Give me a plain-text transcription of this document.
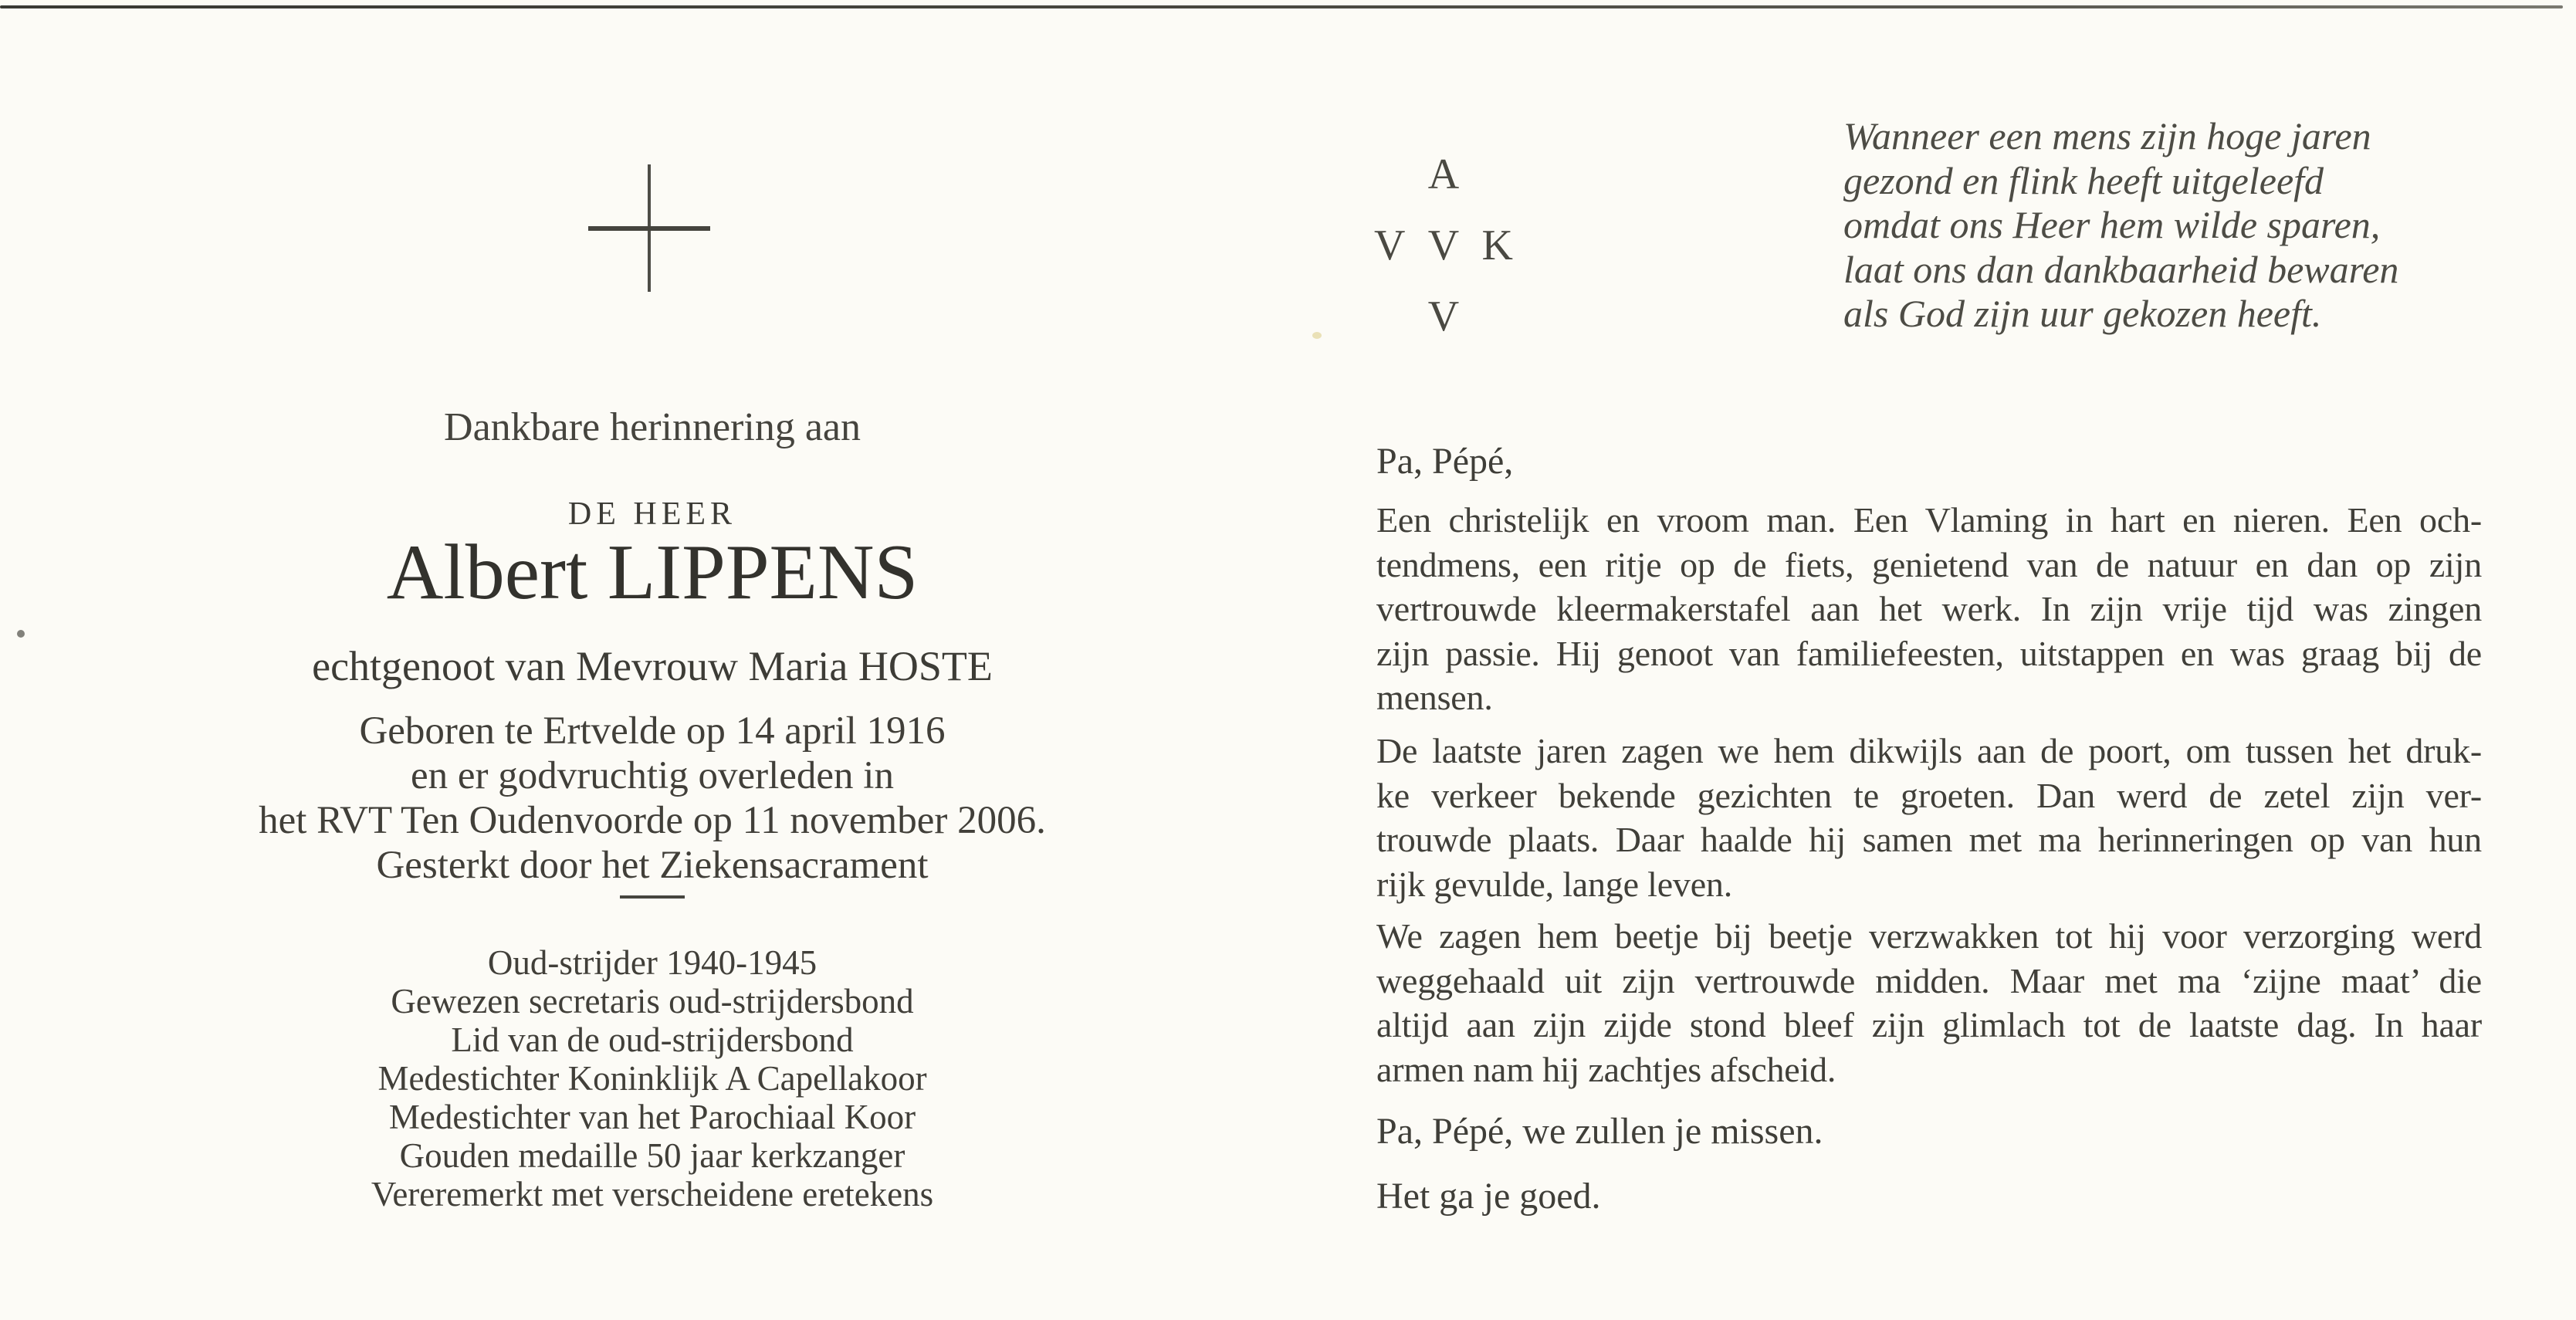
Dankbare herinnering aan
DE HEER
Albert LIPPENS
echtgenoot van Mevrouw Maria HOSTE
Geboren te Ertvelde op 14 april 1916
en er godvruchtig overleden in
het RVT Ten Oudenvoorde op 11 november 2006.
Gesterkt door het Ziekensacrament
Oud-strijder 1940-1945
Gewezen secretaris oud-strijdersbond
Lid van de oud-strijdersbond
Medestichter Koninklijk A Capellakoor
Medestichter van het Parochiaal Koor
Gouden medaille 50 jaar kerkzanger
Vereremerkt met verscheidene eretekens
A
V V K
V
Wanneer een mens zijn hoge jaren
gezond en flink heeft uitgeleefd
omdat ons Heer hem wilde sparen,
laat ons dan dankbaarheid bewaren
als God zijn uur gekozen heeft.
Pa, Pépé,
Een christelijk en vroom man. Een Vlaming in hart en nieren. Een och-
tendmens, een ritje op de fiets, genietend van de natuur en dan op zijn
vertrouwde kleermakerstafel aan het werk. In zijn vrije tijd was zingen
zijn passie. Hij genoot van familiefeesten, uitstappen en was graag bij de
mensen.
De laatste jaren zagen we hem dikwijls aan de poort, om tussen het druk-
ke verkeer bekende gezichten te groeten. Dan werd de zetel zijn ver-
trouwde plaats. Daar haalde hij samen met ma herinneringen op van hun
rijk gevulde, lange leven.
We zagen hem beetje bij beetje verzwakken tot hij voor verzorging werd
weggehaald uit zijn vertrouwde midden. Maar met ma ‘zijne maat’ die
altijd aan zijn zijde stond bleef zijn glimlach tot de laatste dag. In haar
armen nam hij zachtjes afscheid.
Pa, Pépé, we zullen je missen.
Het ga je goed.
